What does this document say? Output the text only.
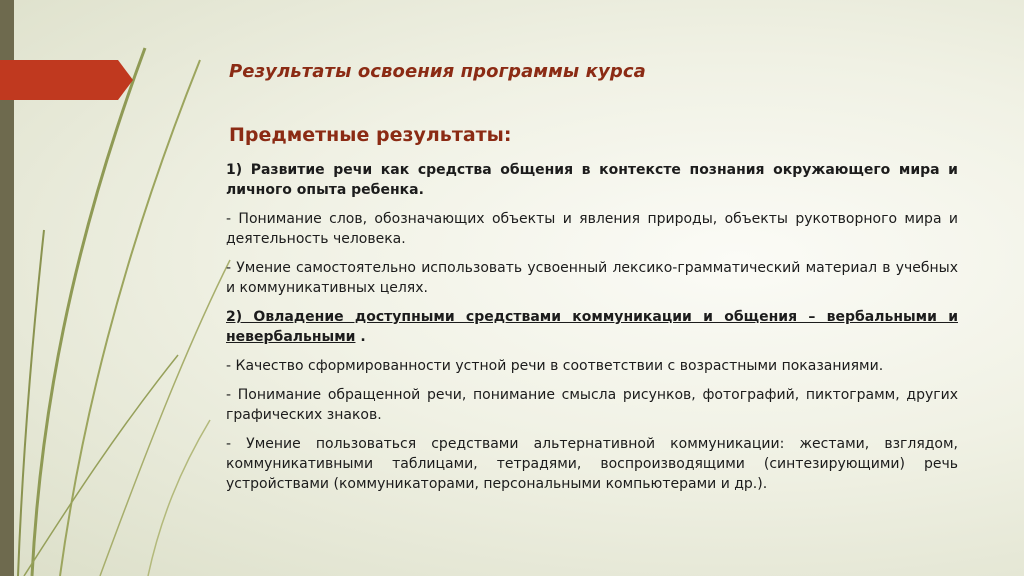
Результаты освоения программы курса
Предметные результаты:

1) Развитие речи как средства общения в контексте познания окружающего мира и личного опыта ребенка.

- Понимание слов, обозначающих объекты и явления природы, объекты рукотворного мира и деятельность человека.

- Умение самостоятельно использовать усвоенный лексико-грамматический материал в учебных и коммуникативных целях.

2) Овладение доступными средствами коммуникации и общения – вербальными и невербальными .

- Качество сформированности устной речи в соответствии с возрастными показаниями.

- Понимание обращенной речи, понимание смысла рисунков, фотографий, пиктограмм, других графических знаков.

- Умение пользоваться средствами альтернативной коммуникации: жестами, взглядом, коммуникативными таблицами, тетрадями, воспроизводящими (синтезирующими) речь устройствами (коммуникаторами, персональными компьютерами и др.).
